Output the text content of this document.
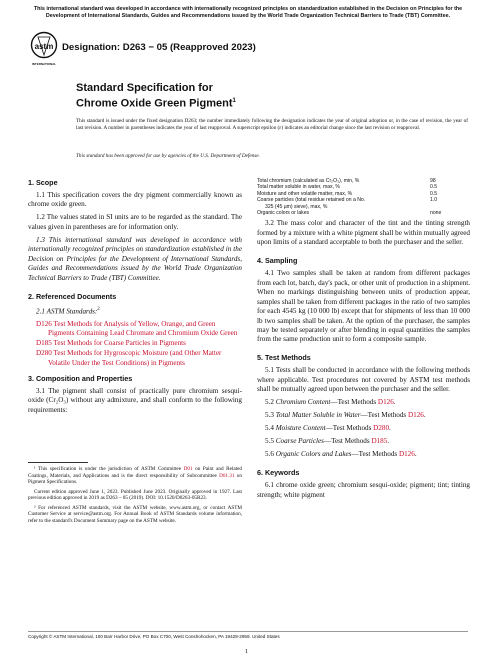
This international standard was developed in accordance with internationally recognized principles on standardization established in the Decision on Principles for the Development of International Standards, Guides and Recommendations issued by the World Trade Organization Technical Barriers to Trade (TBT) Committee.
astm
INTERNATIONAL
Designation: D263 − 05 (Reapproved 2023)
Standard Specification for
Chrome Oxide Green Pigment$^1$
This standard is issued under the fixed designation D263; the number immediately following the designation indicates the year of original adoption or, in the case of revision, the year of last revision. A number in parentheses indicates the year of last reapproval. A superscript epsilon (ε) indicates an editorial change since the last revision or reapproval.
This standard has been approved for use by agencies of the U.S. Department of Defense.
1. Scope

1.1 This specification covers the dry pigment commercially known as chrome oxide green.

1.2 The values stated in SI units are to be regarded as the standard. The values given in parentheses are for information only.

1.3 This international standard was developed in accordance with internationally recognized principles on standardization established in the Decision on Principles for the Development of International Standards, Guides and Recommendations issued by the World Trade Organization Technical Barriers to Trade (TBT) Committee.

2. Referenced Documents

2.1 ASTM Standards:$^2$

D126 Test Methods for Analysis of Yellow, Orange, and Green Pigments Containing Lead Chromate and Chromium Oxide Green
D185 Test Methods for Coarse Particles in Pigments
D280 Test Methods for Hygroscopic Moisture (and Other Matter Volatile Under the Test Conditions) in Pigments
3. Composition and Properties

3.1 The pigment shall consist of practically pure chromium sesqui-oxide (Cr₂O₃) without any admixture, and shall conform to the following requirements:

¹ This specification is under the jurisdiction of ASTM Committee D01 on Paint and Related Coatings, Materials, and Applications and is the direct responsibility of Subcommittee D01.31 on Pigment Specifications.

Current edition approved June 1, 2023. Published June 2023. Originally approved in 1927. Last previous edition approved in 2019 as D263 – 05 (2019). DOI: 10.1520/D0263-05R23.

² For referenced ASTM standards, visit the ASTM website, www.astm.org, or contact ASTM Customer Service at service@astm.org. For Annual Book of ASTM Standards volume information, refer to the standard's Document Summary page on the ASTM website.

Total chromium (calculated as Cr₂O₃), min, %	98
Total matter soluble in water, max, %	0.5
Moisture and other volatile matter, max, %	0.5
Coarse particles (total residue retained on a No.	1.0
325 (45 µm) sieve), max, %	
Organic colors or lakes	none

3.2 The mass color and character of the tint and the tinting strength formed by a mixture with a white pigment shall be within mutually agreed upon limits of a standard acceptable to both the purchaser and the seller.

4. Sampling

4.1 Two samples shall be taken at random from different packages from each lot, batch, day's pack, or other unit of production in a shipment. When no markings distinguishing between units of production appear, samples shall be taken from different packages in the ratio of two samples for each 4545 kg (10 000 lb) except that for shipments of less than 10 000 lb two samples shall be taken. At the option of the purchaser, the samples may be tested separately or after blending in equal quantities the samples from the same production unit to form a composite sample.

5. Test Methods

5.1 Tests shall be conducted in accordance with the following methods where applicable. Test procedures not covered by ASTM test methods shall be mutually agreed upon between the purchaser and the seller.

5.2 Chromium Content—Test Methods D126.

5.3 Total Matter Soluble in Water—Test Methods D126.

5.4 Moisture Content—Test Methods D280.

5.5 Coarse Particles—Test Methods D185.

5.6 Organic Colors and Lakes—Test Methods D126.

6. Keywords

6.1 chrome oxide green; chromium sesqui-oxide; pigment; tint; tinting strength; white pigment

Copyright © ASTM International, 100 Barr Harbor Drive, PO Box C700, West Conshohocken, PA 19428-2959. United States
1
